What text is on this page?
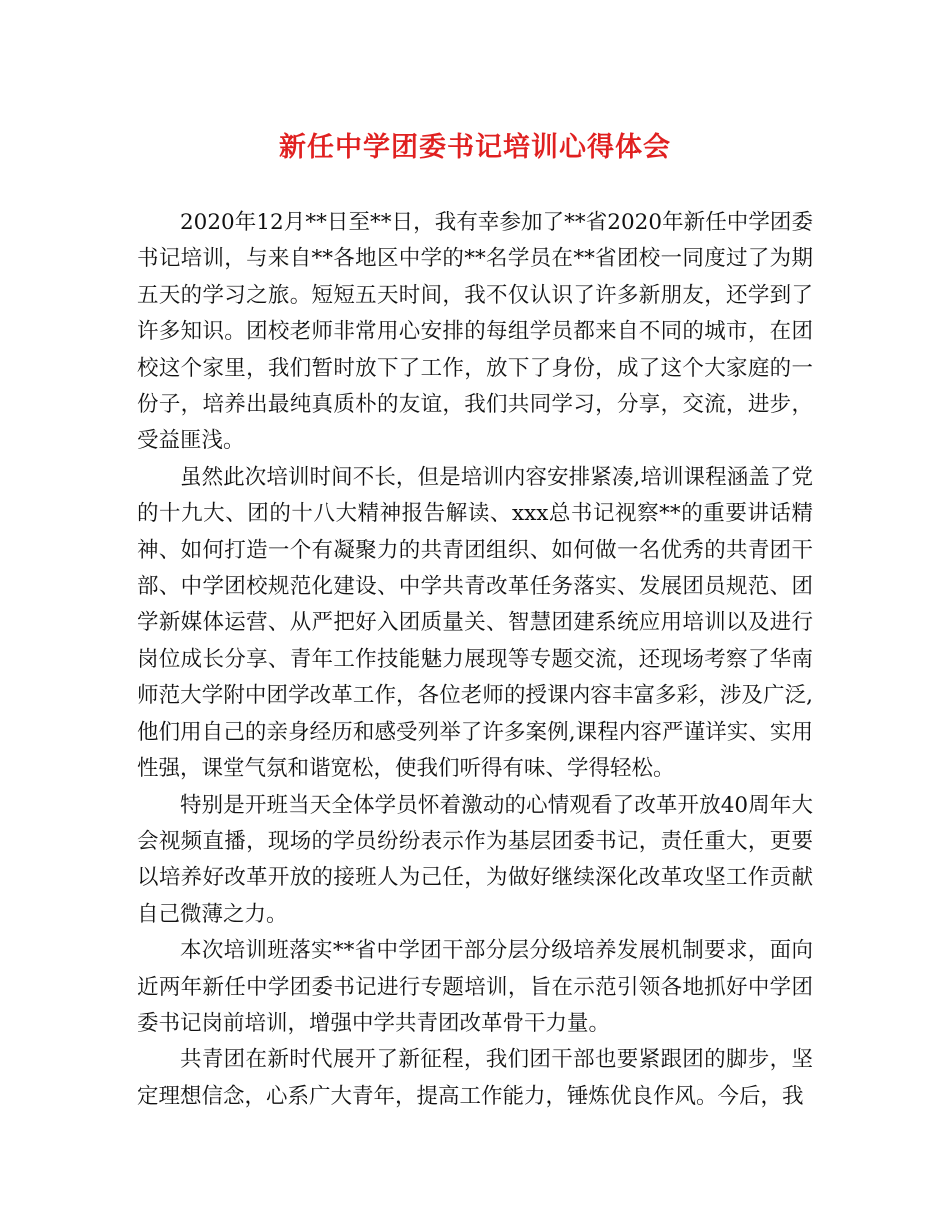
新任中学团委书记培训心得体会

2020年12月**日至**日，我有幸参加了**省2020年新任中学团委书记培训，与来自**各地区中学的**名学员在**省团校一同度过了为期五天的学习之旅。短短五天时间，我不仅认识了许多新朋友，还学到了许多知识。团校老师非常用心安排的每组学员都来自不同的城市，在团校这个家里，我们暂时放下了工作，放下了身份，成了这个大家庭的一份子，培养出最纯真质朴的友谊，我们共同学习，分享，交流，进步，受益匪浅。

虽然此次培训时间不长，但是培训内容安排紧凑,培训课程涵盖了党的十九大、团的十八大精神报告解读、xxx总书记视察**的重要讲话精神、如何打造一个有凝聚力的共青团组织、如何做一名优秀的共青团干部、中学团校规范化建设、中学共青改革任务落实、发展团员规范、团学新媒体运营、从严把好入团质量关、智慧团建系统应用培训以及进行岗位成长分享、青年工作技能魅力展现等专题交流，还现场考察了华南师范大学附中团学改革工作，各位老师的授课内容丰富多彩，涉及广泛,他们用自己的亲身经历和感受列举了许多案例,课程内容严谨详实、实用性强，课堂气氛和谐宽松，使我们听得有味、学得轻松。

特别是开班当天全体学员怀着激动的心情观看了改革开放40周年大会视频直播，现场的学员纷纷表示作为基层团委书记，责任重大，更要以培养好改革开放的接班人为己任，为做好继续深化改革攻坚工作贡献自己微薄之力。

本次培训班落实**省中学团干部分层分级培养发展机制要求，面向近两年新任中学团委书记进行专题培训，旨在示范引领各地抓好中学团委书记岗前培训，增强中学共青团改革骨干力量。

共青团在新时代展开了新征程，我们团干部也要紧跟团的脚步，坚定理想信念，心系广大青年，提高工作能力，锤炼优良作风。今后，我
